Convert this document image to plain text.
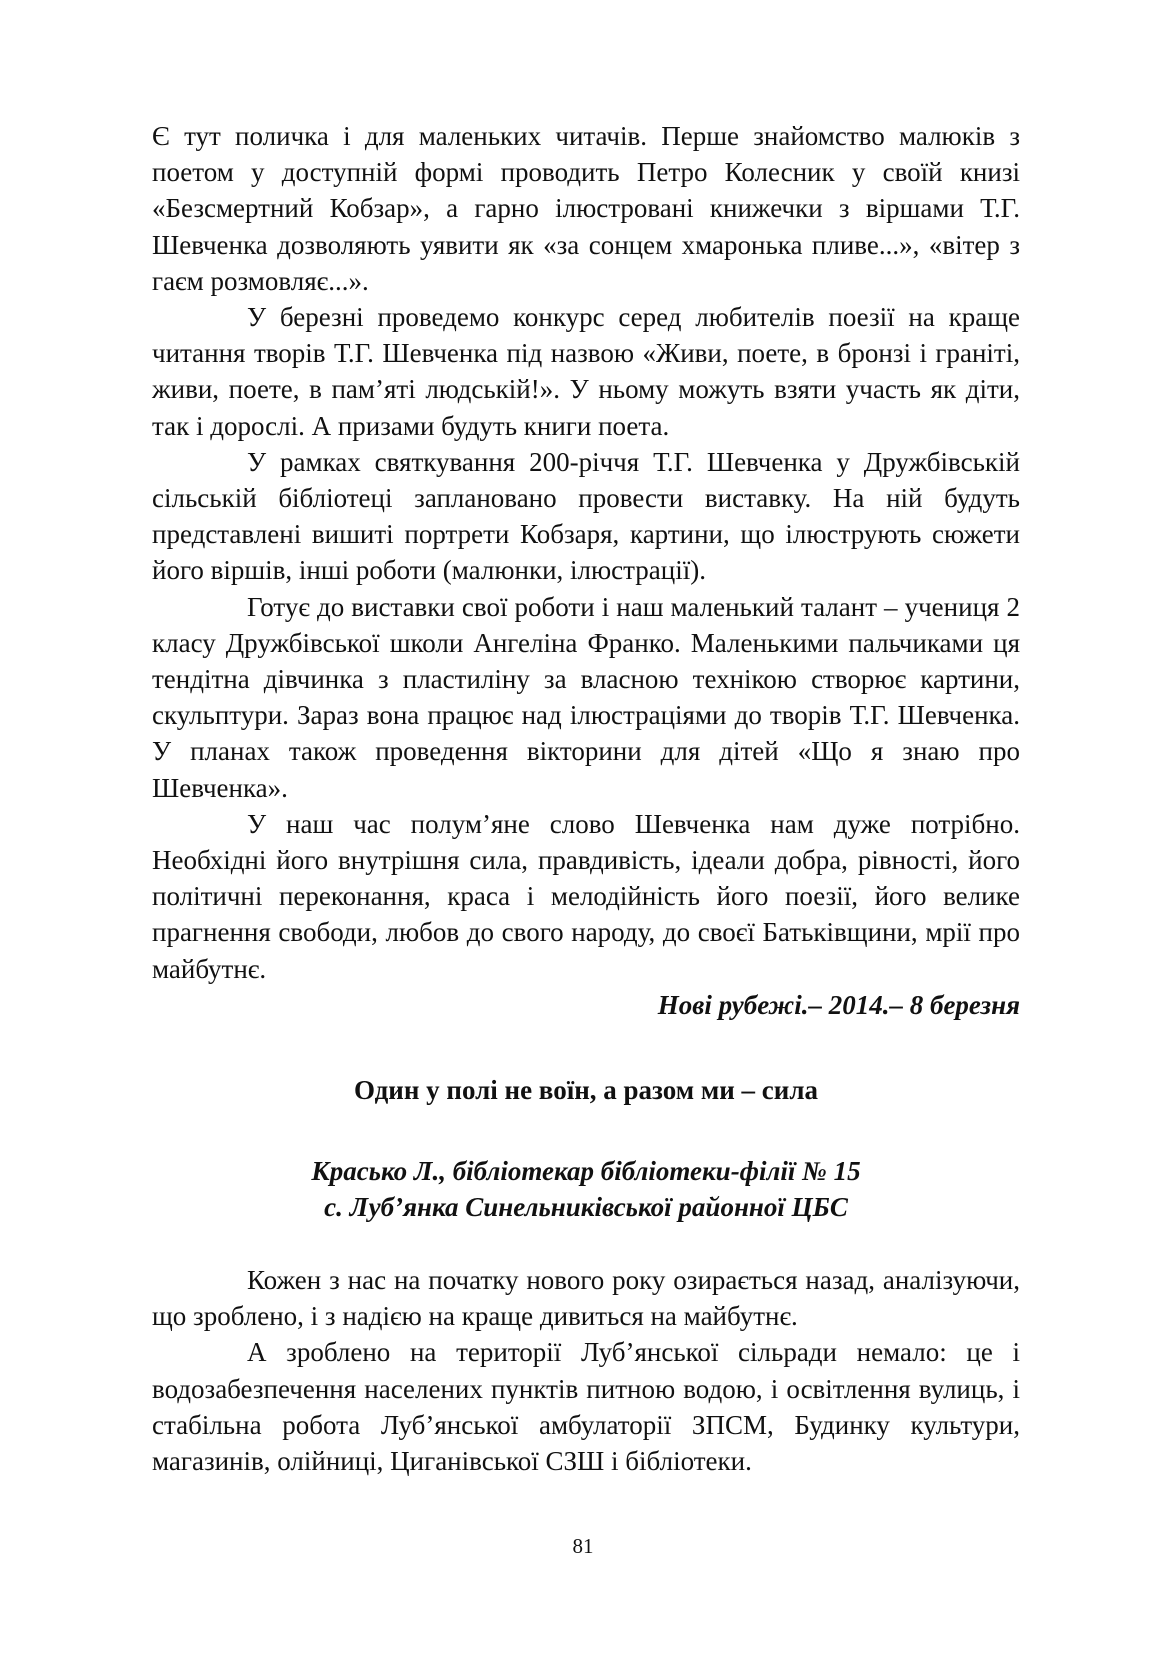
Є тут поличка і для маленьких читачів. Перше знайомство малюків з поетом у доступній формі проводить Петро Колесник у своїй книзі «Безсмертний Кобзар», а гарно ілюстровані книжечки з віршами Т.Г. Шевченка дозволяють уявити як «за сонцем хмаронька пливе...», «вітер з гаєм розмовляє...».

У березні проведемо конкурс серед любителів поезії на краще читання творів Т.Г. Шевченка під назвою «Живи, поете, в бронзі і граніті, живи, поете, в пам’яті людській!». У ньому можуть взяти участь як діти, так і дорослі. А призами будуть книги поета.

У рамках святкування 200-річчя Т.Г. Шевченка у Дружбівській сільській бібліотеці заплановано провести виставку. На ній будуть представлені вишиті портрети Кобзаря, картини, що ілюструють сюжети його віршів, інші роботи (малюнки, ілюстрації).

Готує до виставки свої роботи і наш маленький талант – учениця 2 класу Дружбівської школи Ангеліна Франко. Маленькими пальчиками ця тендітна дівчинка з пластиліну за власною технікою створює картини, скульптури. Зараз вона працює над ілюстраціями до творів Т.Г. Шевченка. У планах також проведення вікторини для дітей «Що я знаю про Шевченка».

У наш час полум’яне слово Шевченка нам дуже потрібно. Необхідні його внутрішня сила, правдивість, ідеали добра, рівності, його політичні переконання, краса і мелодійність його поезії, його велике прагнення свободи, любов до свого народу, до своєї Батьківщини, мрії про майбутнє.

Нові рубежі.– 2014.– 8 березня

Один у полі не воїн, а разом ми – сила

Красько Л., бібліотекар бібліотеки-філії № 15
с. Луб’янка Синельниківської районної ЦБС

Кожен з нас на початку нового року озирається назад, аналізуючи, що зроблено, і з надією на краще дивиться на майбутнє.

А зроблено на території Луб’янської сільради немало: це і водозабезпечення населених пунктів питною водою, і освітлення вулиць, і стабільна робота Луб’янської амбулаторії ЗПСМ, Будинку культури, магазинів, олійниці, Циганівської СЗШ і бібліотеки.

81
